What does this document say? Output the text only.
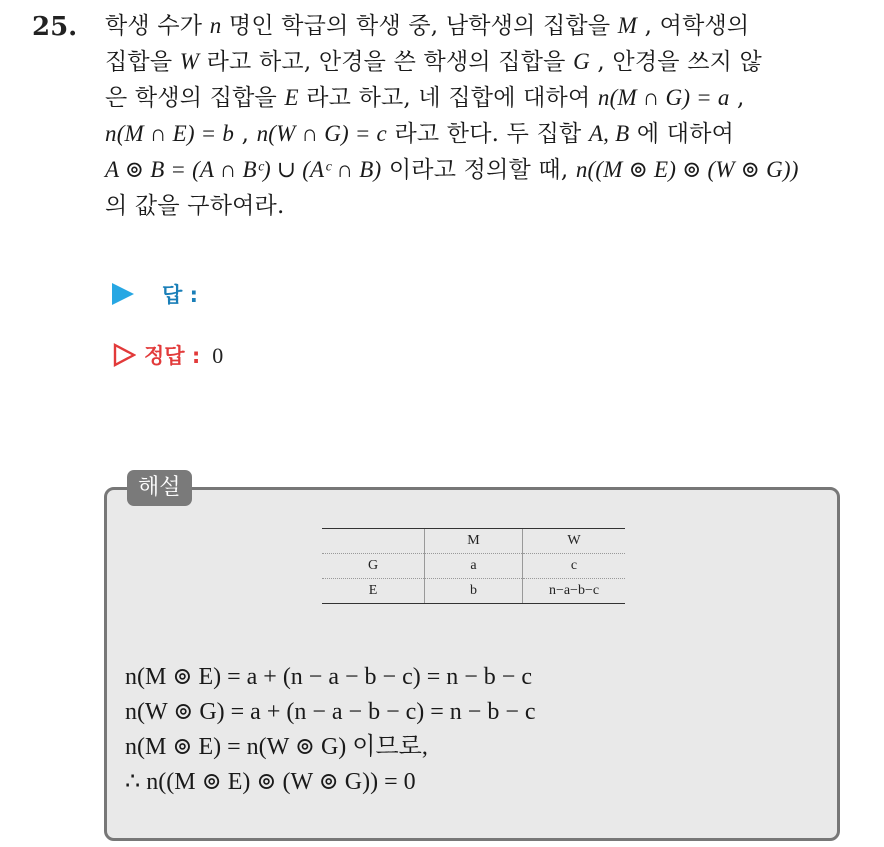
25. 학생 수가 n 명인 학급의 학생 중, 남학생의 집합을 M , 여학생의
집합을 W 라고 하고, 안경을 쓴 학생의 집합을 G , 안경을 쓰지 않
은 학생의 집합을 E 라고 하고, 네 집합에 대하여 n(M ∩ G) = a ,
n(M ∩ E) = b , n(W ∩ G) = c 라고 한다. 두 집합 A, B 에 대하여
A ⊚ B = (A ∩ Bᶜ) ∪ (Aᶜ ∩ B) 이라고 정의할 때, n((M ⊚ E) ⊚ (W ⊚ G))
의 값을 구하여라.
답 :
정답 : 0
해설
	M	W
G	a	c
E	b	n−a−b−c
n(M ⊚ E) = a + (n − a − b − c) = n − b − c
n(W ⊚ G) = a + (n − a − b − c) = n − b − c
n(M ⊚ E) = n(W ⊚ G) 이므로,
∴ n((M ⊚ E) ⊚ (W ⊚ G)) = 0
